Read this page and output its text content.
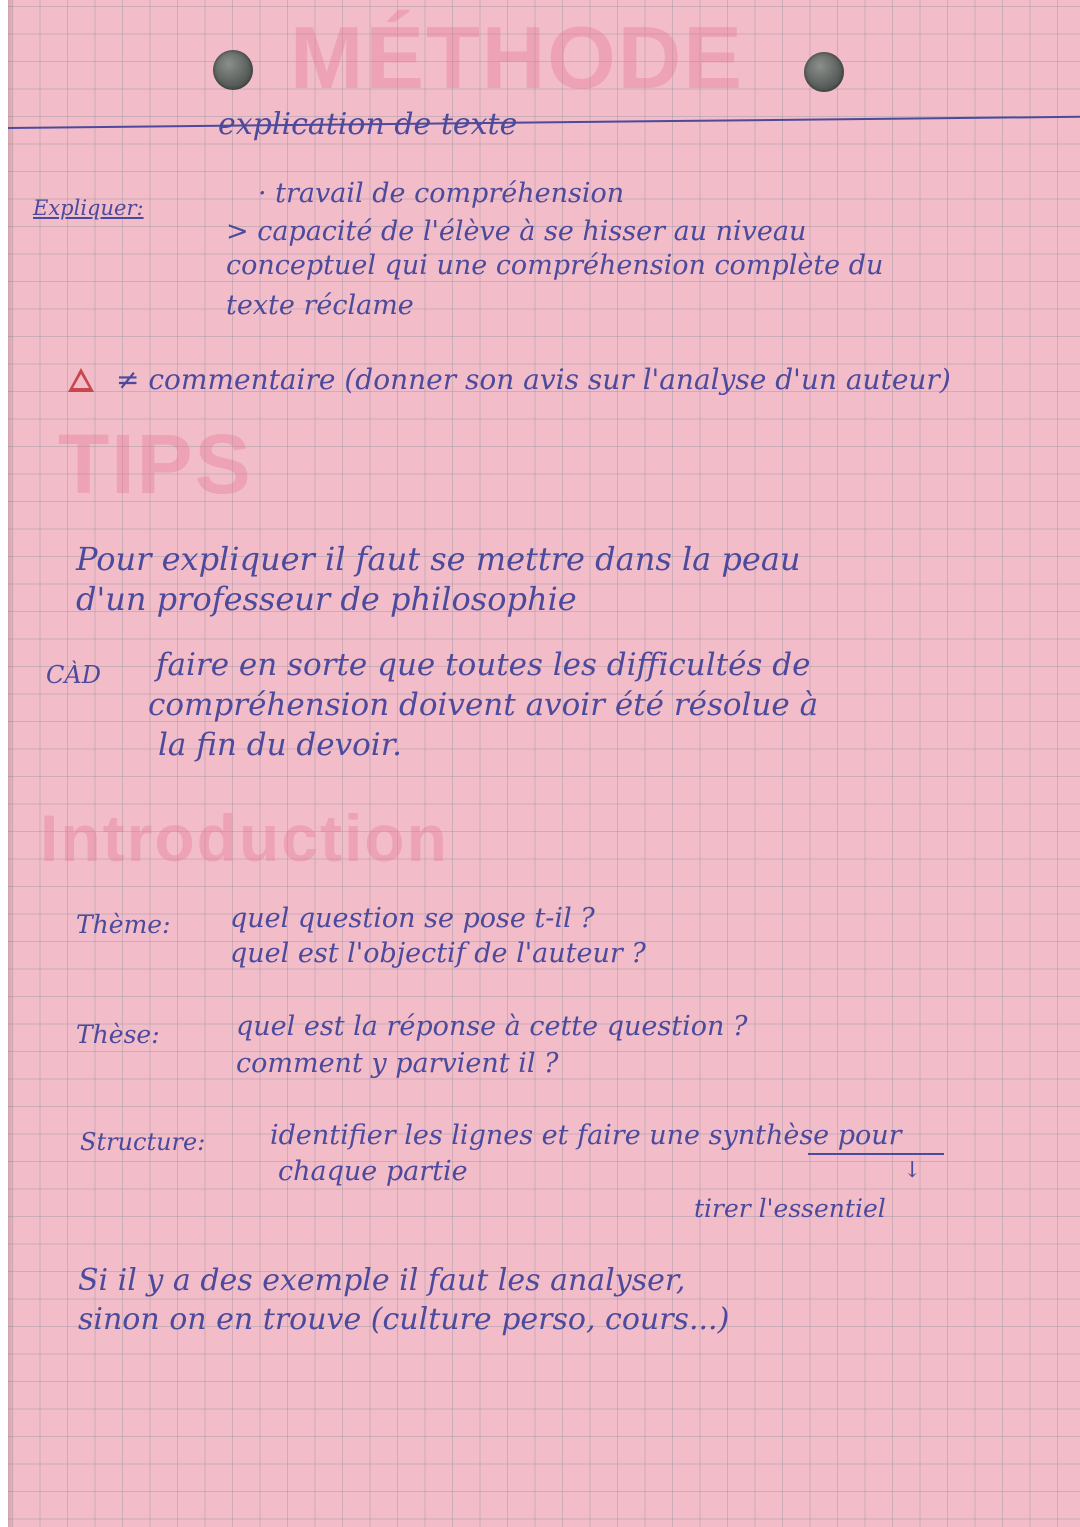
MÉTHODE
explication de texte
Expliquer:	· travail de compréhension
> capacité de l'élève à se hisser au niveau
conceptuel qui une compréhension complète du
texte réclame
≠ commentaire (donner son avis sur l'analyse d'un auteur)
TIPS
Pour expliquer il faut se mettre dans la peau
d'un professeur de philosophie
CÀD faire en sorte que toutes les difficultés de
compréhension doivent avoir été résolue à
la fin du devoir.
Introduction
Thème: quel question se pose t-il ?
quel est l'objectif de l'auteur ?
Thèse:	quel est la réponse à cette question ?
comment y parvient il ?
Structure: identifier les lignes et faire une synthèse pour
chaque partie	↓
tirer l'essentiel
Si il y a des exemple il faut les analyser,
sinon on en trouve (culture perso, cours...)
